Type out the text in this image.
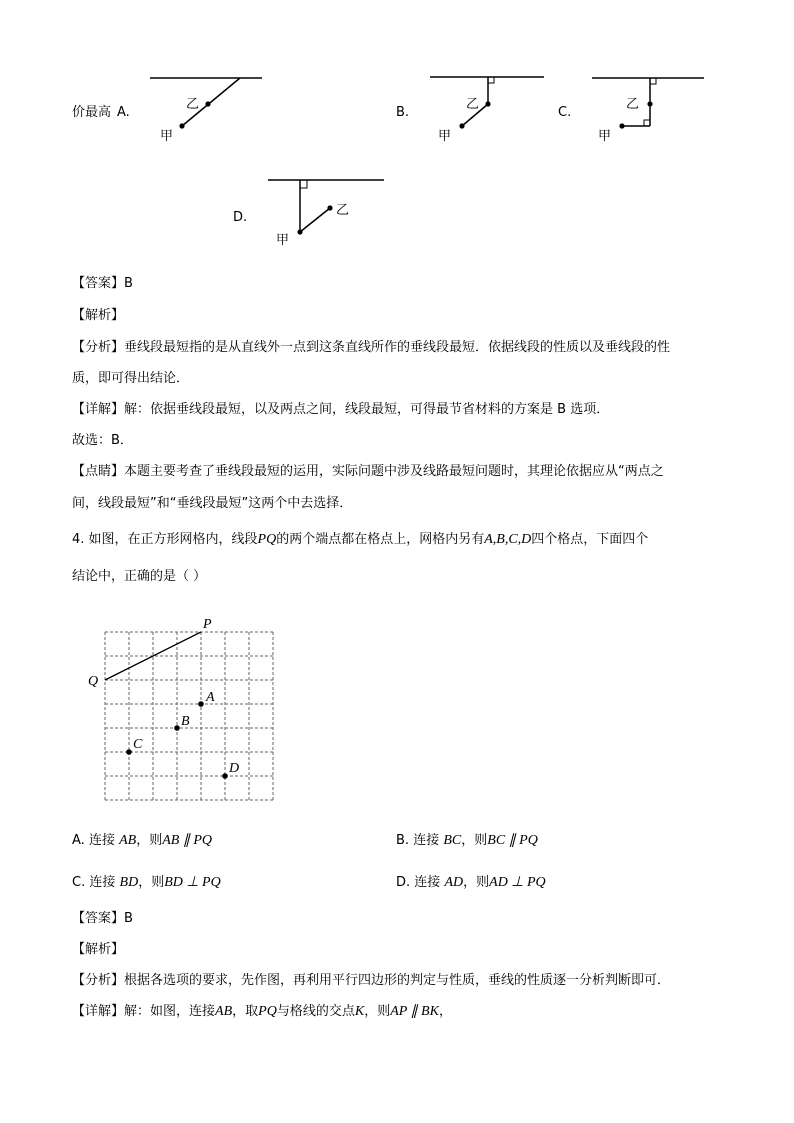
价最高 A.
乙
甲
B.
乙
甲
C.
乙
甲
D.	乙
甲
【答案】B
【解析】
【分析】垂线段最短指的是从直线外一点到这条直线所作的垂线段最短．依据线段的性质以及垂线段的性
质，即可得出结论．
【详解】解：依据垂线段最短，以及两点之间，线段最短，可得最节省材料的方案是 B 选项．
故选：B．
【点睛】本题主要考查了垂线段最短的运用，实际问题中涉及线路最短问题时，其理论依据应从“两点之
间，线段最短”和“垂线段最短”这两个中去选择．
4. 如图，在正方形网格内，线段PQ的两个端点都在格点上，网格内另有A,B,C,D四个格点，下面四个
结论中，正确的是（ ）
P
Q
A
B
C
D
A. 连接 AB，则AB ∥ PQ	B. 连接 BC，则BC ∥ PQ
C. 连接 BD，则BD ⊥ PQ	D. 连接 AD，则AD ⊥ PQ
【答案】B
【解析】
【分析】根据各选项的要求，先作图，再利用平行四边形的判定与性质，垂线的性质逐一分析判断即可．
【详解】解：如图，连接AB，取PQ与格线的交点K，则AP ∥ BK，
